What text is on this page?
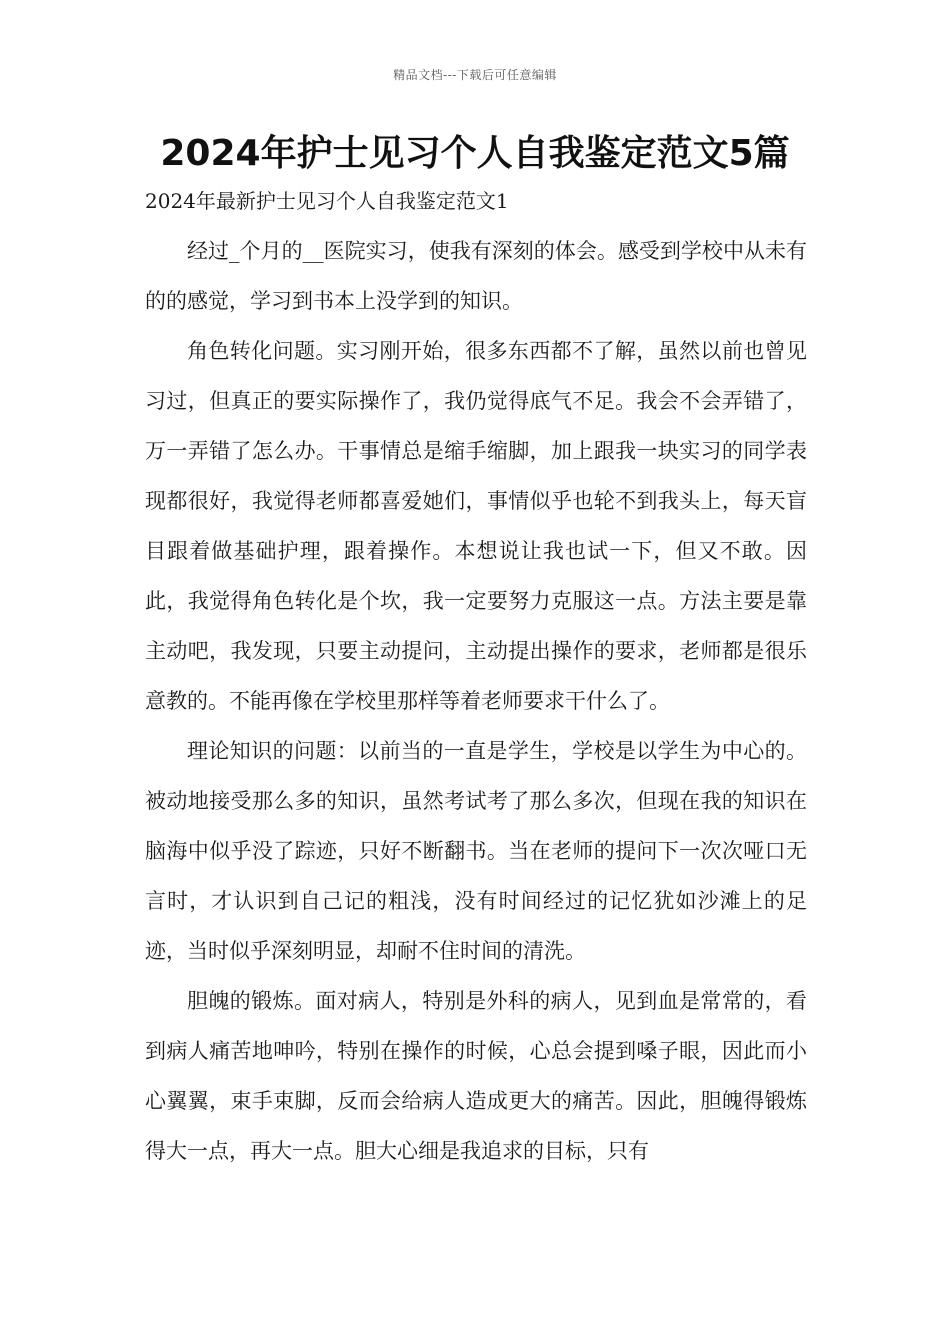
精品文档---下载后可任意编辑
2024年护士见习个人自我鉴定范文5篇

2024年最新护士见习个人自我鉴定范文1

经过_个月的__医院实习，使我有深刻的体会。感受到学校中从未有的的感觉，学习到书本上没学到的知识。

角色转化问题。实习刚开始，很多东西都不了解，虽然以前也曾见习过，但真正的要实际操作了，我仍觉得底气不足。我会不会弄错了，万一弄错了怎么办。干事情总是缩手缩脚，加上跟我一块实习的同学表现都很好，我觉得老师都喜爱她们，事情似乎也轮不到我头上，每天盲目跟着做基础护理，跟着操作。本想说让我也试一下，但又不敢。因此，我觉得角色转化是个坎，我一定要努力克服这一点。方法主要是靠主动吧，我发现，只要主动提问，主动提出操作的要求，老师都是很乐意教的。不能再像在学校里那样等着老师要求干什么了。

理论知识的问题：以前当的一直是学生，学校是以学生为中心的。被动地接受那么多的知识，虽然考试考了那么多次，但现在我的知识在脑海中似乎没了踪迹，只好不断翻书。当在老师的提问下一次次哑口无言时，才认识到自己记的粗浅，没有时间经过的记忆犹如沙滩上的足迹，当时似乎深刻明显，却耐不住时间的清洗。

胆魄的锻炼。面对病人，特别是外科的病人，见到血是常常的，看到病人痛苦地呻吟，特别在操作的时候，心总会提到嗓子眼，因此而小心翼翼，束手束脚，反而会给病人造成更大的痛苦。因此，胆魄得锻炼得大一点，再大一点。胆大心细是我追求的目标，只有
